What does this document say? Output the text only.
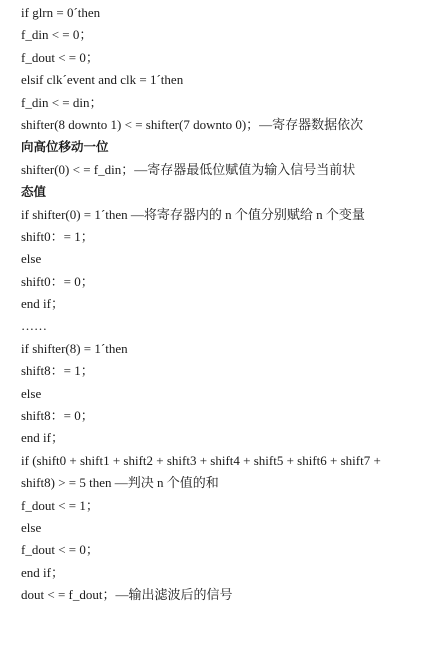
if glrn = 0´then
f_din < = 0；
f_dout < = 0；
elsif clk´event and clk = 1´then
f_din < = din；
shifter(8 downto 1) < = shifter(7 downto 0)；—寄存器数据依次
向高位移动一位
shifter(0) < = f_din；—寄存器最低位赋值为输入信号当前状
态值
if shifter(0) = 1´then —将寄存器内的 n 个值分别赋给 n 个变量
shift0：= 1；
else
shift0：= 0；
end if；
……
if shifter(8) = 1´then
shift8：= 1；
else
shift8：= 0；
end if；
if (shift0 + shift1 + shift2 + shift3 + shift4 + shift5 + shift6 + shift7 +
shift8) > = 5 then —判决 n 个值的和
f_dout < = 1；
else
f_dout < = 0；
end if；
dout < = f_dout；—输出滤波后的信号
